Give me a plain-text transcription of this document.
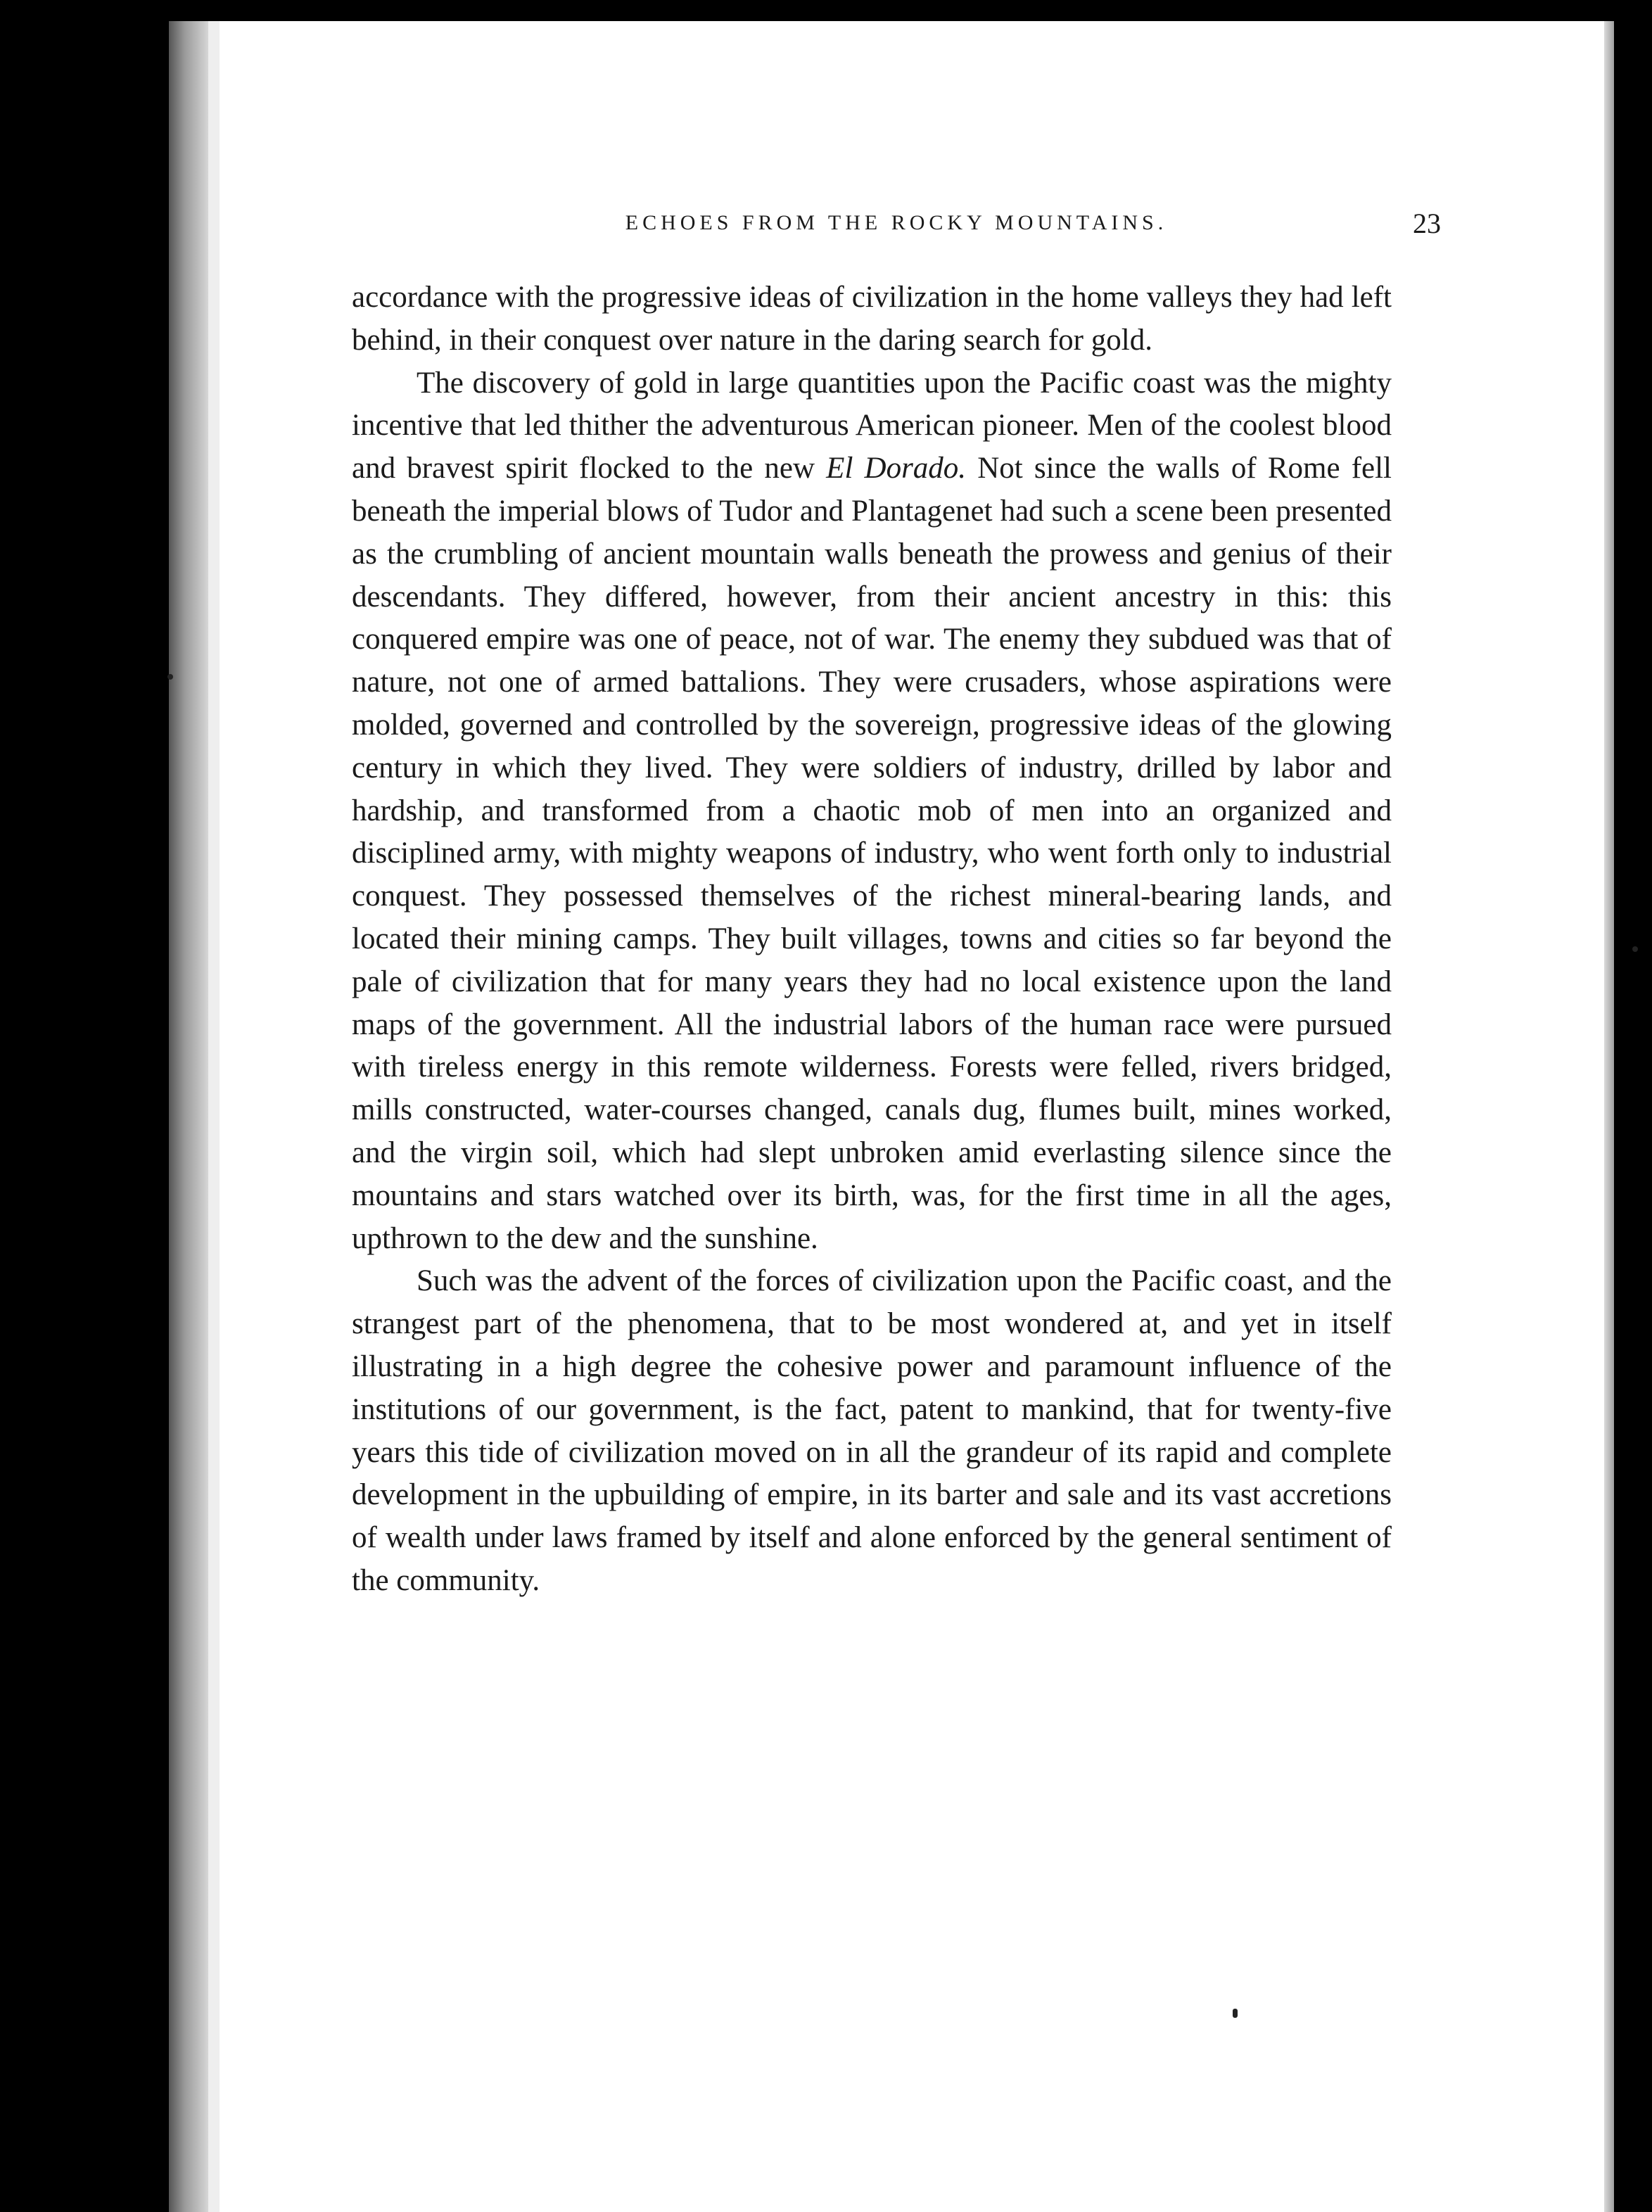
ECHOES FROM THE ROCKY MOUNTAINS.	23

accordance with the progressive ideas of civilization in the home valleys they had left behind, in their conquest over nature in the daring search for gold.

The discovery of gold in large quantities upon the Pacific coast was the mighty incentive that led thither the adventurous American pioneer. Men of the coolest blood and bravest spirit flocked to the new El Dorado. Not since the walls of Rome fell beneath the imperial blows of Tudor and Plantagenet had such a scene been presented as the crumbling of ancient mountain walls beneath the prowess and genius of their descendants. They differed, however, from their ancient ancestry in this: this conquered empire was one of peace, not of war. The enemy they subdued was that of nature, not one of armed battalions. They were crusaders, whose aspirations were molded, governed and controlled by the sovereign, progressive ideas of the glowing century in which they lived. They were soldiers of industry, drilled by labor and hardship, and transformed from a chaotic mob of men into an organized and disciplined army, with mighty weapons of industry, who went forth only to industrial conquest. They possessed themselves of the richest mineral-bearing lands, and located their mining camps. They built villages, towns and cities so far beyond the pale of civilization that for many years they had no local existence upon the land maps of the government. All the industrial labors of the human race were pursued with tireless energy in this remote wilderness. Forests were felled, rivers bridged, mills constructed, water-courses changed, canals dug, flumes built, mines worked, and the virgin soil, which had slept unbroken amid everlasting silence since the mountains and stars watched over its birth, was, for the first time in all the ages, upthrown to the dew and the sunshine.

Such was the advent of the forces of civilization upon the Pacific coast, and the strangest part of the phenomena, that to be most wondered at, and yet in itself illustrating in a high degree the cohesive power and paramount influence of the institutions of our government, is the fact, patent to mankind, that for twenty-five years this tide of civilization moved on in all the grandeur of its rapid and complete development in the upbuilding of empire, in its barter and sale and its vast accretions of wealth under laws framed by itself and alone enforced by the general sentiment of the community.
